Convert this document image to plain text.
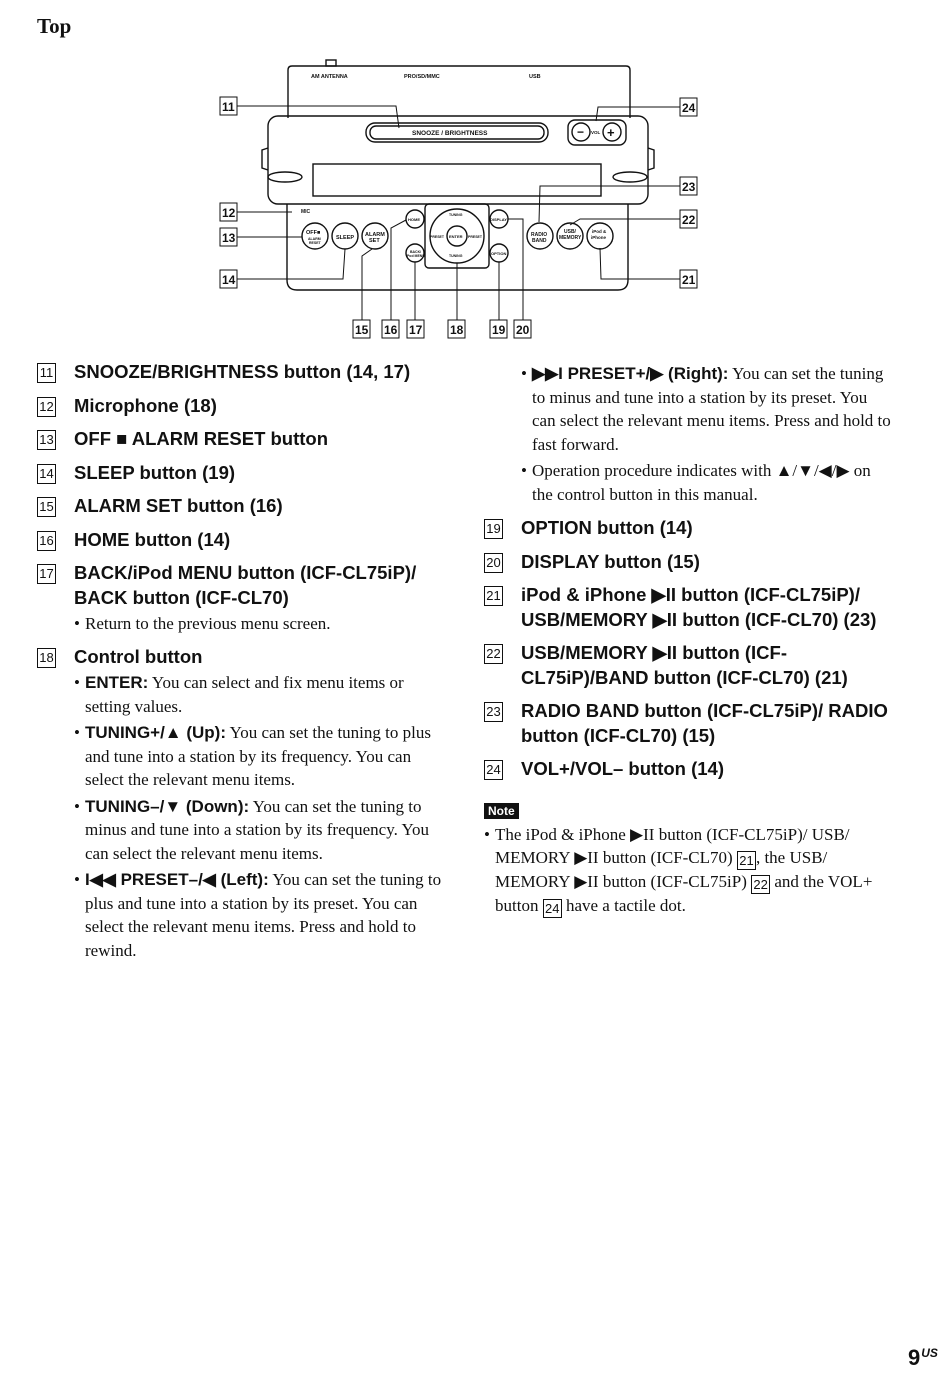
Top
AM ANTENNA	PRO/SD/MMC	USB
SNOOZE / BRIGHTNESS	VOL
− +
MIC
OFF■
ALARM
RESET
SLEEP ALARM
SET
HOME
BACK/
iPod MENU
TUNING
TUNING
ENTER
PRESET	PRESET
DISPLAY
OPTION
RADIO
BAND
USB/
MEMORY
iPod &
iPhone
11
12
13
14
15 16 17 18 19 20
21
22
23
24
11 SNOOZE/BRIGHTNESS button (14, 17)
12 Microphone (18)
13 OFF ■ ALARM RESET button
14 SLEEP button (19)
15 ALARM SET button (16)
16 HOME button (14)
17 BACK/iPod MENU button (ICF-CL75iP)/ BACK button (ICF-CL70)
• Return to the previous menu screen.
18 Control button
• ENTER: You can select and fix menu items or setting values.
• TUNING+/▲ (Up): You can set the tuning to plus and tune into a station by its frequency. You can select the relevant menu items.
• TUNING–/▼ (Down): You can set the tuning to minus and tune into a station by its frequency. You can select the relevant menu items.
• I◀◀ PRESET–/◀ (Left): You can set the tuning to plus and tune into a station by its preset. You can select the relevant menu items. Press and hold to rewind.
• ▶▶I PRESET+/▶ (Right): You can set the tuning to minus and tune into a station by its preset. You can select the relevant menu items. Press and hold to fast forward.
• Operation procedure indicates with ▲/▼/◀/▶ on the control button in this manual.
19 OPTION button (14)
20 DISPLAY button (15)
21 iPod & iPhone ▶II button (ICF-CL75iP)/ USB/MEMORY ▶II button (ICF-CL70) (23)
22 USB/MEMORY ▶II button (ICF-CL75iP)/BAND button (ICF-CL70) (21)
23 RADIO BAND button (ICF-CL75iP)/ RADIO button (ICF-CL70) (15)
24 VOL+/VOL– button (14)
Note
• The iPod & iPhone ▶II button (ICF-CL75iP)/ USB/ MEMORY ▶II button (ICF-CL70) 21 , the USB/ MEMORY ▶II button (ICF-CL75iP) 22 and the VOL+ button 24 have a tactile dot.
$9^{US}$
